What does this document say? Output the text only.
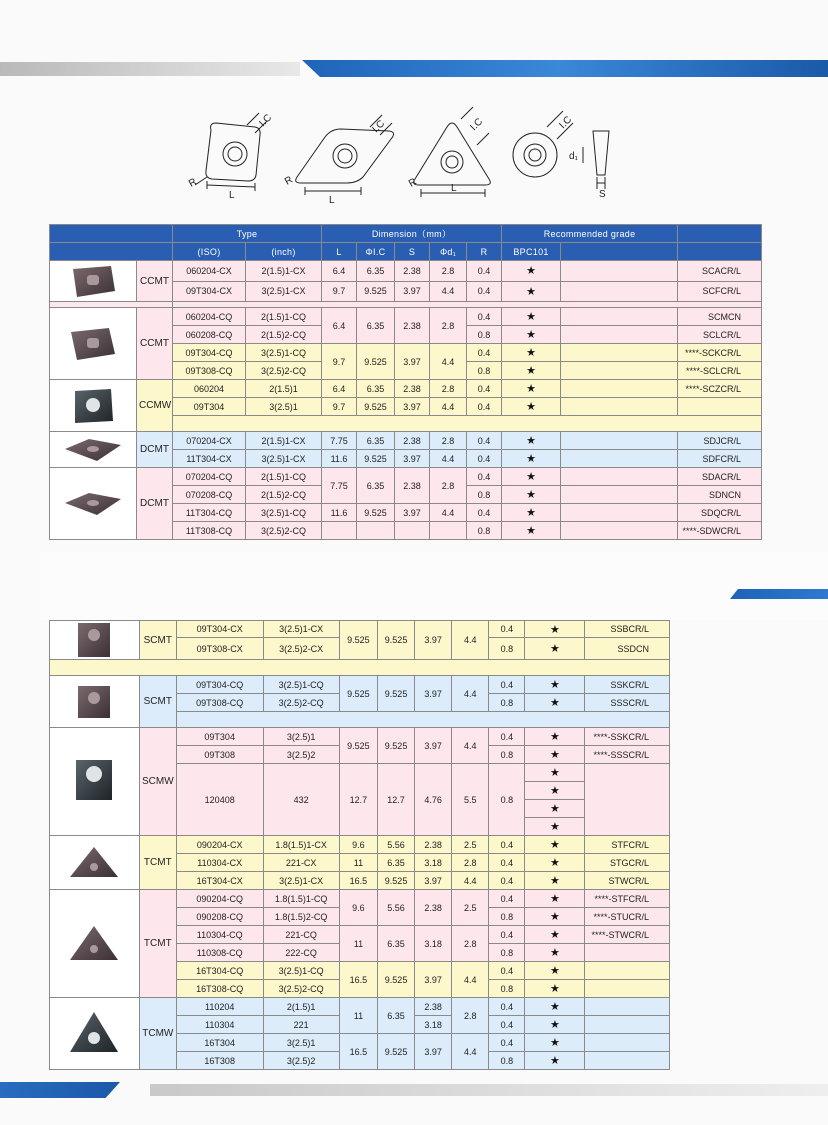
I.C
L
R
I.C
L
R
I.C
L
R
I.C
d₁
S
		Type		Dimension（mm）					Recommended grade		
		(ISO)	(inch)	L	ΦI.C	S	Φd₁	R	BPC101		

	CCMT	060204-CX	2(1.5)1-CX	6.4	6.35	2.38	2.8	0.4	★		SCACR/L
		09T304-CX	3(2.5)1-CX	9.7	9.525	3.97	4.4	0.4	★		SCFCR/L

	CCMT	060204-CQ	2(1.5)1-CQ	6.4	6.35	2.38	2.8	0.4	★		SCMCN
		060208-CQ	2(1.5)2-CQ					0.8	★		SCLCR/L
		09T304-CQ	3(2.5)1-CQ	9.7	9.525	3.97	4.4	0.4	★		****-SCKCR/L
		09T308-CQ	3(2.5)2-CQ					0.8	★		****-SCLCR/L

	CCMW	060204	2(1.5)1	6.4	6.35	2.38	2.8	0.4	★		****-SCZCR/L
		09T304	3(2.5)1	9.7	9.525	3.97	4.4	0.4	★		

	DCMT	070204-CX	2(1.5)1-CX	7.75	6.35	2.38	2.8	0.4	★		SDJCR/L
		11T304-CX	3(2.5)1-CX	11.6	9.525	3.97	4.4	0.4	★		SDFCR/L

	DCMT	070204-CQ	2(1.5)1-CQ	7.75	6.35	2.38	2.8	0.4	★		SDACR/L
		070208-CQ	2(1.5)2-CQ					0.8	★		SDNCN
		11T304-CQ	3(2.5)1-CQ	11.6	9.525	3.97	4.4	0.4	★		SDQCR/L
		11T308-CQ	3(2.5)2-CQ					0.8	★		****-SDWCR/L
	SCMT	09T304-CX	3(2.5)1-CX	9.525	9.525	3.97	4.4	0.4	★	SSBCR/L
		09T308-CX	3(2.5)2-CX					0.8	★	SSDCN

	SCMT	09T304-CQ	3(2.5)1-CQ	9.525	9.525	3.97	4.4	0.4	★	SSKCR/L
		09T308-CQ	3(2.5)2-CQ					0.8	★	SSSCR/L

	SCMW	09T304	3(2.5)1	9.525	9.525	3.97	4.4	0.4	★	****-SSKCR/L
		09T308	3(2.5)2					0.8	★	****-SSSCR/L
		120408	432	12.7	12.7	4.76	5.5	0.8	★	
									★	
									★	
									★	

	TCMT	090204-CX	1.8(1.5)1-CX	9.6	5.56	2.38	2.5	0.4	★	STFCR/L
		110304-CX	221-CX	11	6.35	3.18	2.8	0.4	★	STGCR/L
		16T304-CX	3(2.5)1-CX	16.5	9.525	3.97	4.4	0.4	★	STWCR/L

	TCMT	090204-CQ	1.8(1.5)1-CQ	9.6	5.56	2.38	2.5	0.4	★	****-STFCR/L
		090208-CQ	1.8(1.5)2-CQ					0.8	★	****-STUCR/L
		110304-CQ	221-CQ	11	6.35	3.18	2.8	0.4	★	****-STWCR/L
		110308-CQ	222-CQ					0.8	★	
		16T304-CQ	3(2.5)1-CQ	16.5	9.525	3.97	4.4	0.4	★	
		16T308-CQ	3(2.5)2-CQ					0.8	★	

	TCMW	110204	2(1.5)1	11	6.35	2.38	2.8	0.4	★	
		110304	221			3.18		0.4	★	
		16T304	3(2.5)1	16.5	9.525	3.97	4.4	0.4	★	
		16T308	3(2.5)2					0.8	★	
